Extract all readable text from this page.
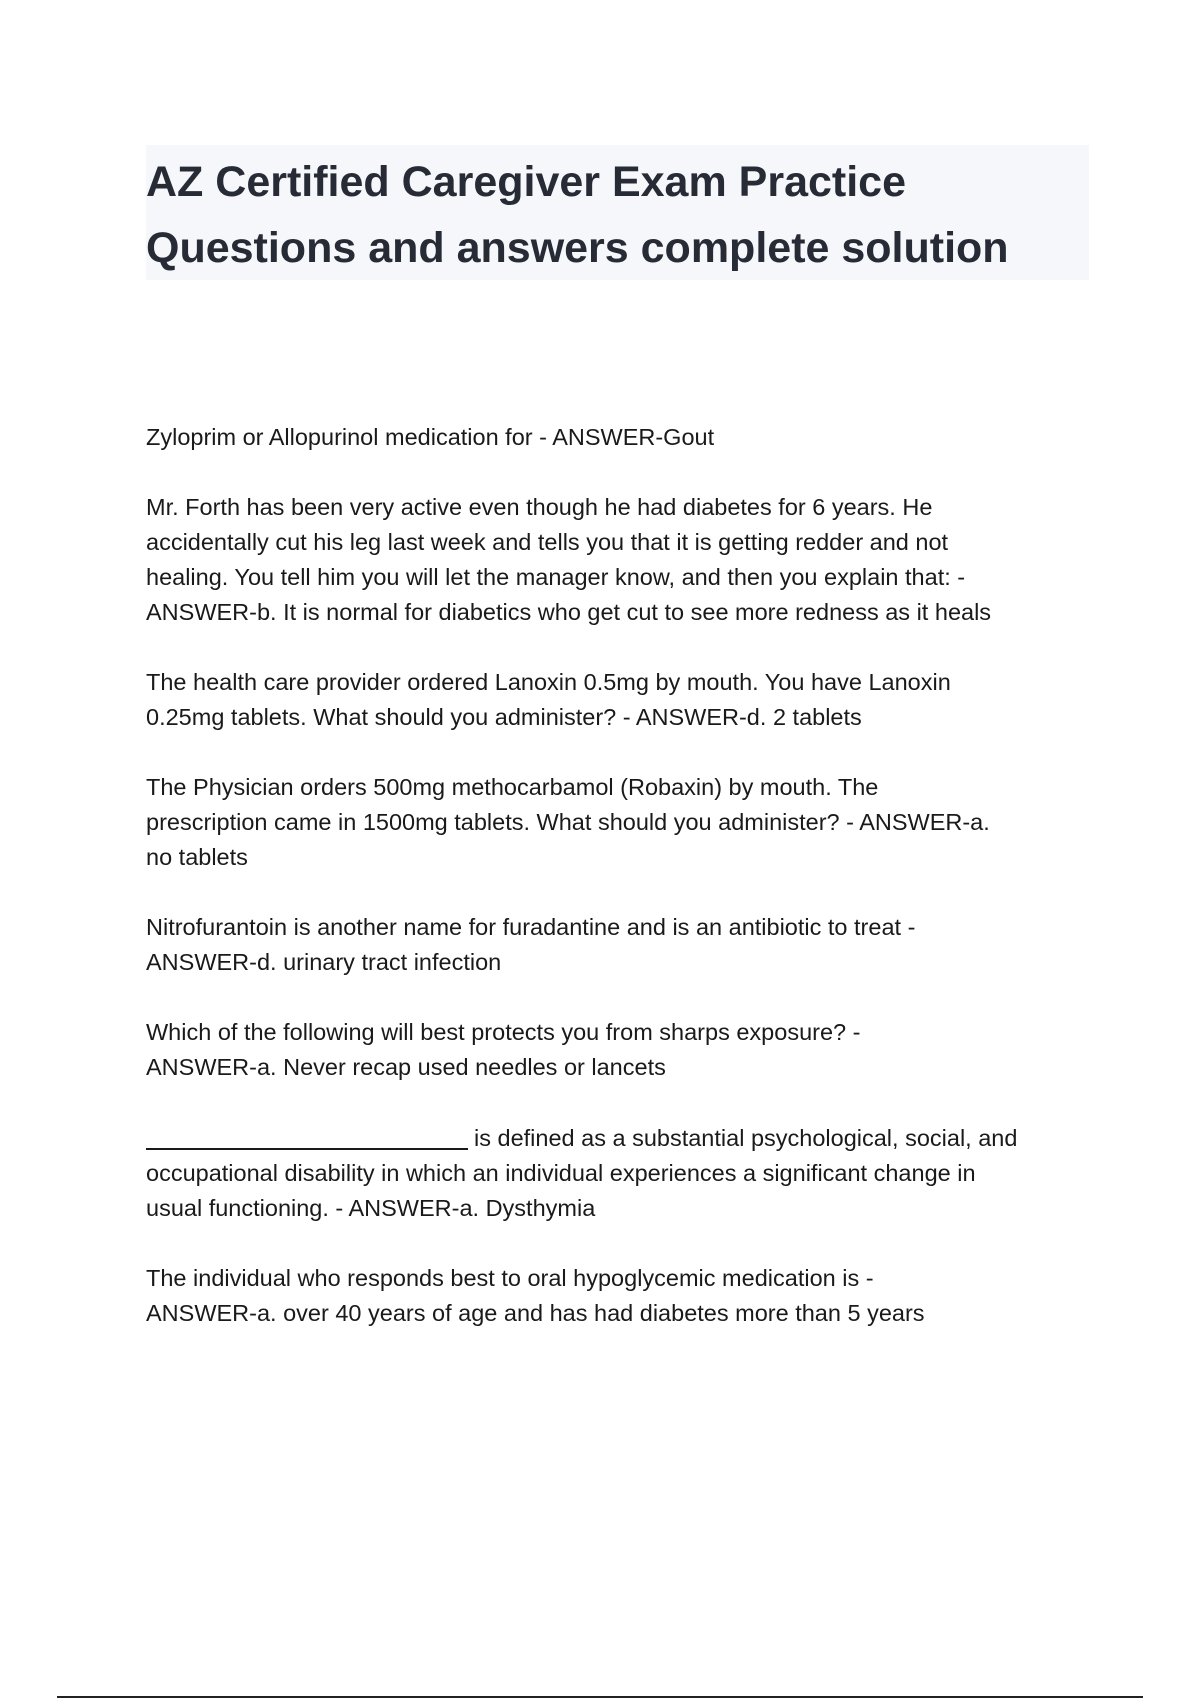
AZ Certified Caregiver Exam Practice
Questions and answers complete solution

Zyloprim or Allopurinol medication for - ANSWER-Gout

Mr. Forth has been very active even though he had diabetes for 6 years. He
accidentally cut his leg last week and tells you that it is getting redder and not
healing. You tell him you will let the manager know, and then you explain that: -
ANSWER-b. It is normal for diabetics who get cut to see more redness as it heals

The health care provider ordered Lanoxin 0.5mg by mouth. You have Lanoxin
0.25mg tablets. What should you administer? - ANSWER-d. 2 tablets

The Physician orders 500mg methocarbamol (Robaxin) by mouth. The
prescription came in 1500mg tablets. What should you administer? - ANSWER-a.
no tablets

Nitrofurantoin is another name for furadantine and is an antibiotic to treat -
ANSWER-d. urinary tract infection

Which of the following will best protects you from sharps exposure? -
ANSWER-a. Never recap used needles or lancets

is defined as a substantial psychological, social, and
occupational disability in which an individual experiences a significant change in
usual functioning. - ANSWER-a. Dysthymia

The individual who responds best to oral hypoglycemic medication is -
ANSWER-a. over 40 years of age and has had diabetes more than 5 years
